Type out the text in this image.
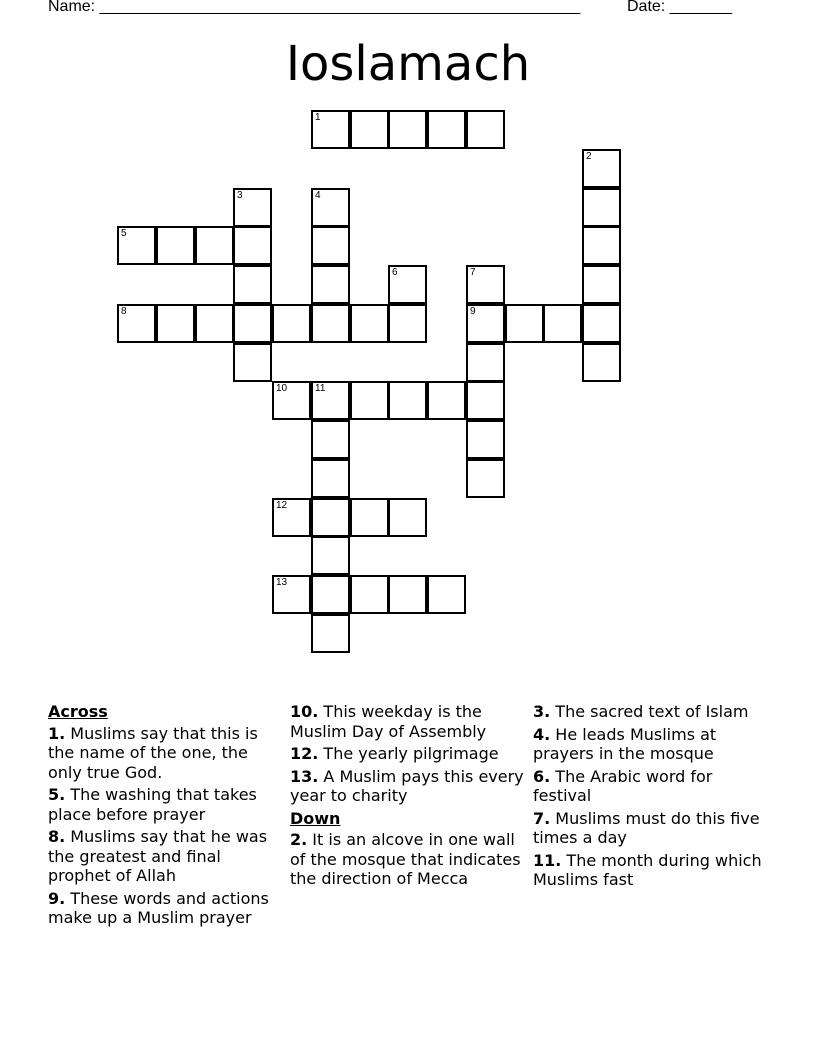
Name: ______________________________________________________	Date: _______
Ioslamach
1
2
3	4
5
6	7
8	9
10	11
12
13
Across
1. Muslims say that this is the name of the one, the only true God.
5. The washing that takes place before prayer
8. Muslims say that he was the greatest and final prophet of Allah
9. These words and actions make up a Muslim prayer
10. This weekday is the Muslim Day of Assembly
12. The yearly pilgrimage
13. A Muslim pays this every year to charity
Down
2. It is an alcove in one wall of the mosque that indicates the direction of Mecca
3. The sacred text of Islam
4. He leads Muslims at prayers in the mosque
6. The Arabic word for festival
7. Muslims must do this five times a day
11. The month during which Muslims fast
